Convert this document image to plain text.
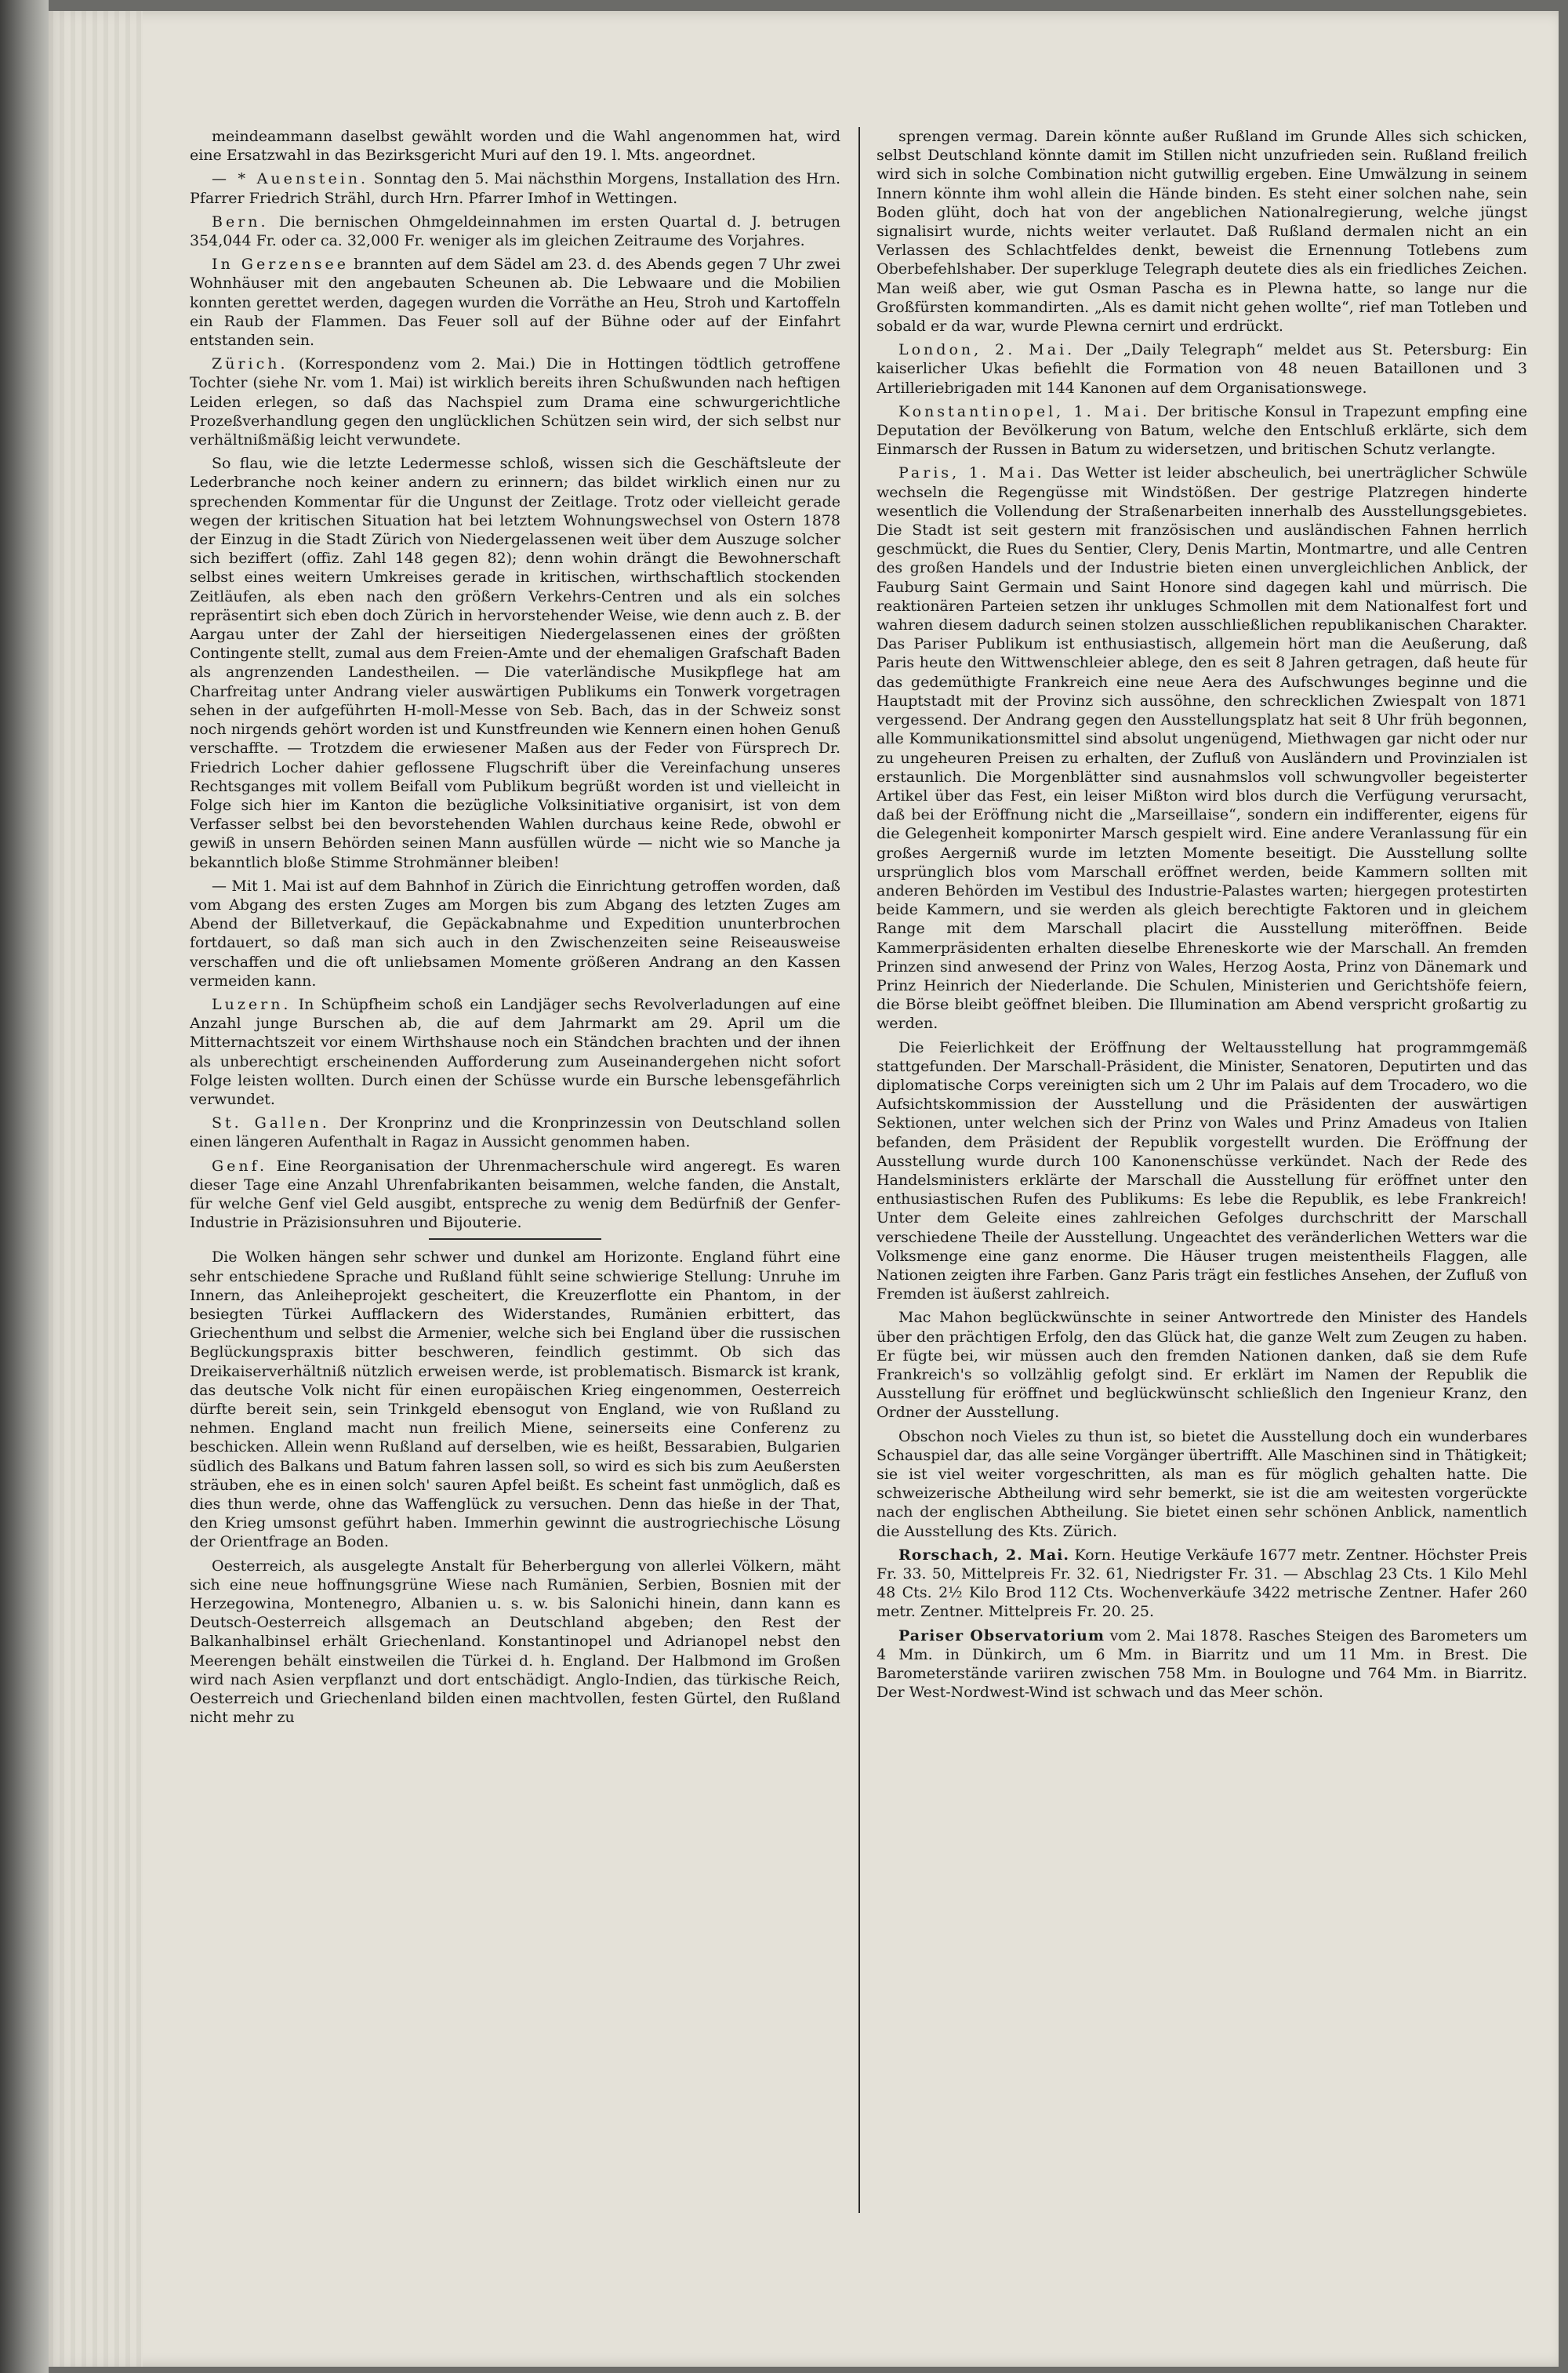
meindeammann daselbst gewählt worden und die Wahl angenommen hat, wird eine Ersatzwahl in das Bezirksgericht Muri auf den 19. l. Mts. angeordnet.

— * Auenstein. Sonntag den 5. Mai nächsthin Morgens, Installation des Hrn. Pfarrer Friedrich Strähl, durch Hrn. Pfarrer Imhof in Wettingen.

Bern. Die bernischen Ohmgeldeinnahmen im ersten Quartal d. J. betrugen 354,044 Fr. oder ca. 32,000 Fr. weniger als im gleichen Zeitraume des Vorjahres.

In Gerzensee brannten auf dem Sädel am 23. d. des Abends gegen 7 Uhr zwei Wohnhäuser mit den angebauten Scheunen ab. Die Lebwaare und die Mobilien konnten gerettet werden, dagegen wurden die Vorräthe an Heu, Stroh und Kartoffeln ein Raub der Flammen. Das Feuer soll auf der Bühne oder auf der Einfahrt entstanden sein.

Zürich. (Korrespondenz vom 2. Mai.) Die in Hottingen tödtlich getroffene Tochter (siehe Nr. vom 1. Mai) ist wirklich bereits ihren Schußwunden nach heftigen Leiden erlegen, so daß das Nachspiel zum Drama eine schwurgerichtliche Prozeßverhandlung gegen den unglücklichen Schützen sein wird, der sich selbst nur verhältnißmäßig leicht verwundete.

So flau, wie die letzte Ledermesse schloß, wissen sich die Geschäftsleute der Lederbranche noch keiner andern zu erinnern; das bildet wirklich einen nur zu sprechenden Kommentar für die Ungunst der Zeitlage. Trotz oder vielleicht gerade wegen der kritischen Situation hat bei letztem Wohnungswechsel von Ostern 1878 der Einzug in die Stadt Zürich von Niedergelassenen weit über dem Auszuge solcher sich beziffert (offiz. Zahl 148 gegen 82); denn wohin drängt die Bewohnerschaft selbst eines weitern Umkreises gerade in kritischen, wirthschaftlich stockenden Zeitläufen, als eben nach den größern Verkehrs-Centren und als ein solches repräsentirt sich eben doch Zürich in hervorstehender Weise, wie denn auch z. B. der Aargau unter der Zahl der hierseitigen Niedergelassenen eines der größten Contingente stellt, zumal aus dem Freien-Amte und der ehemaligen Grafschaft Baden als angrenzenden Landestheilen. — Die vaterländische Musikpflege hat am Charfreitag unter Andrang vieler auswärtigen Publikums ein Tonwerk vorgetragen sehen in der aufgeführten H-moll-Messe von Seb. Bach, das in der Schweiz sonst noch nirgends gehört worden ist und Kunstfreunden wie Kennern einen hohen Genuß verschaffte. — Trotzdem die erwiesener Maßen aus der Feder von Fürsprech Dr. Friedrich Locher dahier geflossene Flugschrift über die Vereinfachung unseres Rechtsganges mit vollem Beifall vom Publikum begrüßt worden ist und vielleicht in Folge sich hier im Kanton die bezügliche Volksinitiative organisirt, ist von dem Verfasser selbst bei den bevorstehenden Wahlen durchaus keine Rede, obwohl er gewiß in unsern Behörden seinen Mann ausfüllen würde — nicht wie so Manche ja bekanntlich bloße Stimme Strohmänner bleiben!

— Mit 1. Mai ist auf dem Bahnhof in Zürich die Einrichtung getroffen worden, daß vom Abgang des ersten Zuges am Morgen bis zum Abgang des letzten Zuges am Abend der Billetverkauf, die Gepäckabnahme und Expedition ununterbrochen fortdauert, so daß man sich auch in den Zwischenzeiten seine Reiseausweise verschaffen und die oft unliebsamen Momente größeren Andrang an den Kassen vermeiden kann.

Luzern. In Schüpfheim schoß ein Landjäger sechs Revolverladungen auf eine Anzahl junge Burschen ab, die auf dem Jahrmarkt am 29. April um die Mitternachtszeit vor einem Wirthshause noch ein Ständchen brachten und der ihnen als unberechtigt erscheinenden Aufforderung zum Auseinandergehen nicht sofort Folge leisten wollten. Durch einen der Schüsse wurde ein Bursche lebensgefährlich verwundet.

St. Gallen. Der Kronprinz und die Kronprinzessin von Deutschland sollen einen längeren Aufenthalt in Ragaz in Aussicht genommen haben.

Genf. Eine Reorganisation der Uhrenmacherschule wird angeregt. Es waren dieser Tage eine Anzahl Uhrenfabrikanten beisammen, welche fanden, die Anstalt, für welche Genf viel Geld ausgibt, entspreche zu wenig dem Bedürfniß der Genfer-Industrie in Präzisionsuhren und Bijouterie.

Die Wolken hängen sehr schwer und dunkel am Horizonte. England führt eine sehr entschiedene Sprache und Rußland fühlt seine schwierige Stellung: Unruhe im Innern, das Anleiheprojekt gescheitert, die Kreuzerflotte ein Phantom, in der besiegten Türkei Aufflackern des Widerstandes, Rumänien erbittert, das Griechenthum und selbst die Armenier, welche sich bei England über die russischen Beglückungspraxis bitter beschweren, feindlich gestimmt. Ob sich das Dreikaiserverhältniß nützlich erweisen werde, ist problematisch. Bismarck ist krank, das deutsche Volk nicht für einen europäischen Krieg eingenommen, Oesterreich dürfte bereit sein, sein Trinkgeld ebensogut von England, wie von Rußland zu nehmen. England macht nun freilich Miene, seinerseits eine Conferenz zu beschicken. Allein wenn Rußland auf derselben, wie es heißt, Bessarabien, Bulgarien südlich des Balkans und Batum fahren lassen soll, so wird es sich bis zum Aeußersten sträuben, ehe es in einen solch' sauren Apfel beißt. Es scheint fast unmöglich, daß es dies thun werde, ohne das Waffenglück zu versuchen. Denn das hieße in der That, den Krieg umsonst geführt haben. Immerhin gewinnt die austrogriechische Lösung der Orientfrage an Boden.

Oesterreich, als ausgelegte Anstalt für Beherbergung von allerlei Völkern, mäht sich eine neue hoffnungsgrüne Wiese nach Rumänien, Serbien, Bosnien mit der Herzegowina, Montenegro, Albanien u. s. w. bis Salonichi hinein, dann kann es Deutsch-Oesterreich allsgemach an Deutschland abgeben; den Rest der Balkanhalbinsel erhält Griechenland. Konstantinopel und Adrianopel nebst den Meerengen behält einstweilen die Türkei d. h. England. Der Halbmond im Großen wird nach Asien verpflanzt und dort entschädigt. Anglo-Indien, das türkische Reich, Oesterreich und Griechenland bilden einen machtvollen, festen Gürtel, den Rußland nicht mehr zu

sprengen vermag. Darein könnte außer Rußland im Grunde Alles sich schicken, selbst Deutschland könnte damit im Stillen nicht unzufrieden sein. Rußland freilich wird sich in solche Combination nicht gutwillig ergeben. Eine Umwälzung in seinem Innern könnte ihm wohl allein die Hände binden. Es steht einer solchen nahe, sein Boden glüht, doch hat von der angeblichen Nationalregierung, welche jüngst signalisirt wurde, nichts weiter verlautet. Daß Rußland dermalen nicht an ein Verlassen des Schlachtfeldes denkt, beweist die Ernennung Totlebens zum Oberbefehlshaber. Der superkluge Telegraph deutete dies als ein friedliches Zeichen. Man weiß aber, wie gut Osman Pascha es in Plewna hatte, so lange nur die Großfürsten kommandirten. „Als es damit nicht gehen wollte“, rief man Totleben und sobald er da war, wurde Plewna cernirt und erdrückt.

London, 2. Mai. Der „Daily Telegraph“ meldet aus St. Petersburg: Ein kaiserlicher Ukas befiehlt die Formation von 48 neuen Bataillonen und 3 Artilleriebrigaden mit 144 Kanonen auf dem Organisationswege.

Konstantinopel, 1. Mai. Der britische Konsul in Trapezunt empfing eine Deputation der Bevölkerung von Batum, welche den Entschluß erklärte, sich dem Einmarsch der Russen in Batum zu widersetzen, und britischen Schutz verlangte.

Paris, 1. Mai. Das Wetter ist leider abscheulich, bei unerträglicher Schwüle wechseln die Regengüsse mit Windstößen. Der gestrige Platzregen hinderte wesentlich die Vollendung der Straßenarbeiten innerhalb des Ausstellungsgebietes. Die Stadt ist seit gestern mit französischen und ausländischen Fahnen herrlich geschmückt, die Rues du Sentier, Clery, Denis Martin, Montmartre, und alle Centren des großen Handels und der Industrie bieten einen unvergleichlichen Anblick, der Fauburg Saint Germain und Saint Honore sind dagegen kahl und mürrisch. Die reaktionären Parteien setzen ihr unkluges Schmollen mit dem Nationalfest fort und wahren diesem dadurch seinen stolzen ausschließlichen republikanischen Charakter. Das Pariser Publikum ist enthusiastisch, allgemein hört man die Aeußerung, daß Paris heute den Wittwenschleier ablege, den es seit 8 Jahren getragen, daß heute für das gedemüthigte Frankreich eine neue Aera des Aufschwunges beginne und die Hauptstadt mit der Provinz sich aussöhne, den schrecklichen Zwiespalt von 1871 vergessend. Der Andrang gegen den Ausstellungsplatz hat seit 8 Uhr früh begonnen, alle Kommunikationsmittel sind absolut ungenügend, Miethwagen gar nicht oder nur zu ungeheuren Preisen zu erhalten, der Zufluß von Ausländern und Provinzialen ist erstaunlich. Die Morgenblätter sind ausnahmslos voll schwungvoller begeisterter Artikel über das Fest, ein leiser Mißton wird blos durch die Verfügung verursacht, daß bei der Eröffnung nicht die „Marseillaise“, sondern ein indifferenter, eigens für die Gelegenheit komponirter Marsch gespielt wird. Eine andere Veranlassung für ein großes Aergerniß wurde im letzten Momente beseitigt. Die Ausstellung sollte ursprünglich blos vom Marschall eröffnet werden, beide Kammern sollten mit anderen Behörden im Vestibul des Industrie-Palastes warten; hiergegen protestirten beide Kammern, und sie werden als gleich berechtigte Faktoren und in gleichem Range mit dem Marschall placirt die Ausstellung miteröffnen. Beide Kammerpräsidenten erhalten dieselbe Ehreneskorte wie der Marschall. An fremden Prinzen sind anwesend der Prinz von Wales, Herzog Aosta, Prinz von Dänemark und Prinz Heinrich der Niederlande. Die Schulen, Ministerien und Gerichtshöfe feiern, die Börse bleibt geöffnet bleiben. Die Illumination am Abend verspricht großartig zu werden.

Die Feierlichkeit der Eröffnung der Weltausstellung hat programmgemäß stattgefunden. Der Marschall-Präsident, die Minister, Senatoren, Deputirten und das diplomatische Corps vereinigten sich um 2 Uhr im Palais auf dem Trocadero, wo die Aufsichtskommission der Ausstellung und die Präsidenten der auswärtigen Sektionen, unter welchen sich der Prinz von Wales und Prinz Amadeus von Italien befanden, dem Präsident der Republik vorgestellt wurden. Die Eröffnung der Ausstellung wurde durch 100 Kanonenschüsse verkündet. Nach der Rede des Handelsministers erklärte der Marschall die Ausstellung für eröffnet unter den enthusiastischen Rufen des Publikums: Es lebe die Republik, es lebe Frankreich! Unter dem Geleite eines zahlreichen Gefolges durchschritt der Marschall verschiedene Theile der Ausstellung. Ungeachtet des veränderlichen Wetters war die Volksmenge eine ganz enorme. Die Häuser trugen meistentheils Flaggen, alle Nationen zeigten ihre Farben. Ganz Paris trägt ein festliches Ansehen, der Zufluß von Fremden ist äußerst zahlreich.

Mac Mahon beglückwünschte in seiner Antwortrede den Minister des Handels über den prächtigen Erfolg, den das Glück hat, die ganze Welt zum Zeugen zu haben. Er fügte bei, wir müssen auch den fremden Nationen danken, daß sie dem Rufe Frankreich's so vollzählig gefolgt sind. Er erklärt im Namen der Republik die Ausstellung für eröffnet und beglückwünscht schließlich den Ingenieur Kranz, den Ordner der Ausstellung.

Obschon noch Vieles zu thun ist, so bietet die Ausstellung doch ein wunderbares Schauspiel dar, das alle seine Vorgänger übertrifft. Alle Maschinen sind in Thätigkeit; sie ist viel weiter vorgeschritten, als man es für möglich gehalten hatte. Die schweizerische Abtheilung wird sehr bemerkt, sie ist die am weitesten vorgerückte nach der englischen Abtheilung. Sie bietet einen sehr schönen Anblick, namentlich die Ausstellung des Kts. Zürich.

Rorschach, 2. Mai. Korn. Heutige Verkäufe 1677 metr. Zentner. Höchster Preis Fr. 33. 50, Mittelpreis Fr. 32. 61, Niedrigster Fr. 31. — Abschlag 23 Cts. 1 Kilo Mehl 48 Cts. 2½ Kilo Brod 112 Cts. Wochenverkäufe 3422 metrische Zentner. Hafer 260 metr. Zentner. Mittelpreis Fr. 20. 25.

Pariser Observatorium vom 2. Mai 1878. Rasches Steigen des Barometers um 4 Mm. in Dünkirch, um 6 Mm. in Biarritz und um 11 Mm. in Brest. Die Barometerstände variiren zwischen 758 Mm. in Boulogne und 764 Mm. in Biarritz. Der West-Nordwest-Wind ist schwach und das Meer schön.
